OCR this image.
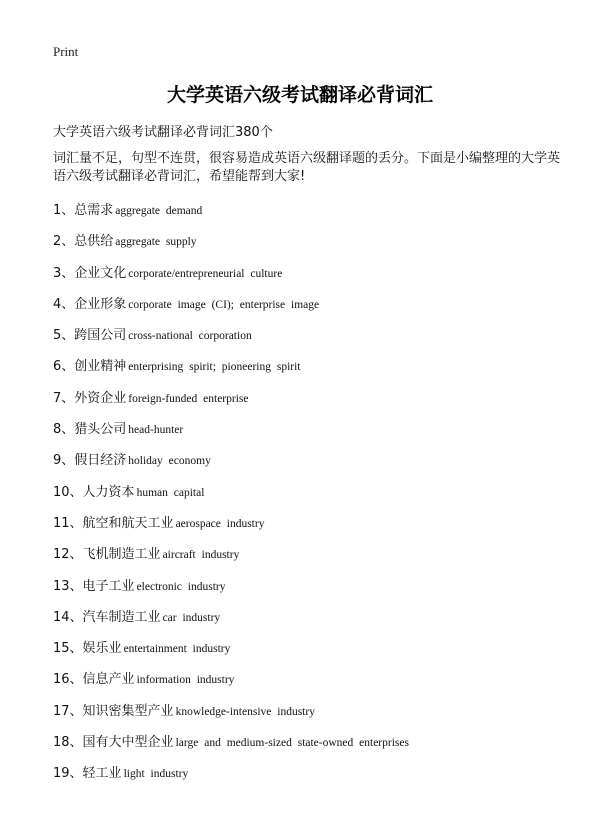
Print
大学英语六级考试翻译必背词汇
大学英语六级考试翻译必背词汇380个
词汇量不足，句型不连贯，很容易造成英语六级翻译题的丢分。下面是小编整理的大学英语六级考试翻译必背词汇，希望能帮到大家!
1、总需求 aggregate demand
2、总供给 aggregate supply
3、企业文化 corporate/entrepreneurial culture
4、企业形象 corporate image (CI); enterprise image
5、跨国公司 cross-national corporation
6、创业精神 enterprising spirit; pioneering spirit
7、外资企业 foreign-funded enterprise
8、猎头公司 head-hunter
9、假日经济 holiday economy
10、人力资本 human capital
11、航空和航天工业 aerospace industry
12、飞机制造工业 aircraft industry
13、电子工业 electronic industry
14、汽车制造工业 car industry
15、娱乐业 entertainment industry
16、信息产业 information industry
17、知识密集型产业 knowledge-intensive industry
18、国有大中型企业 large and medium-sized state-owned enterprises
19、轻工业 light industry
